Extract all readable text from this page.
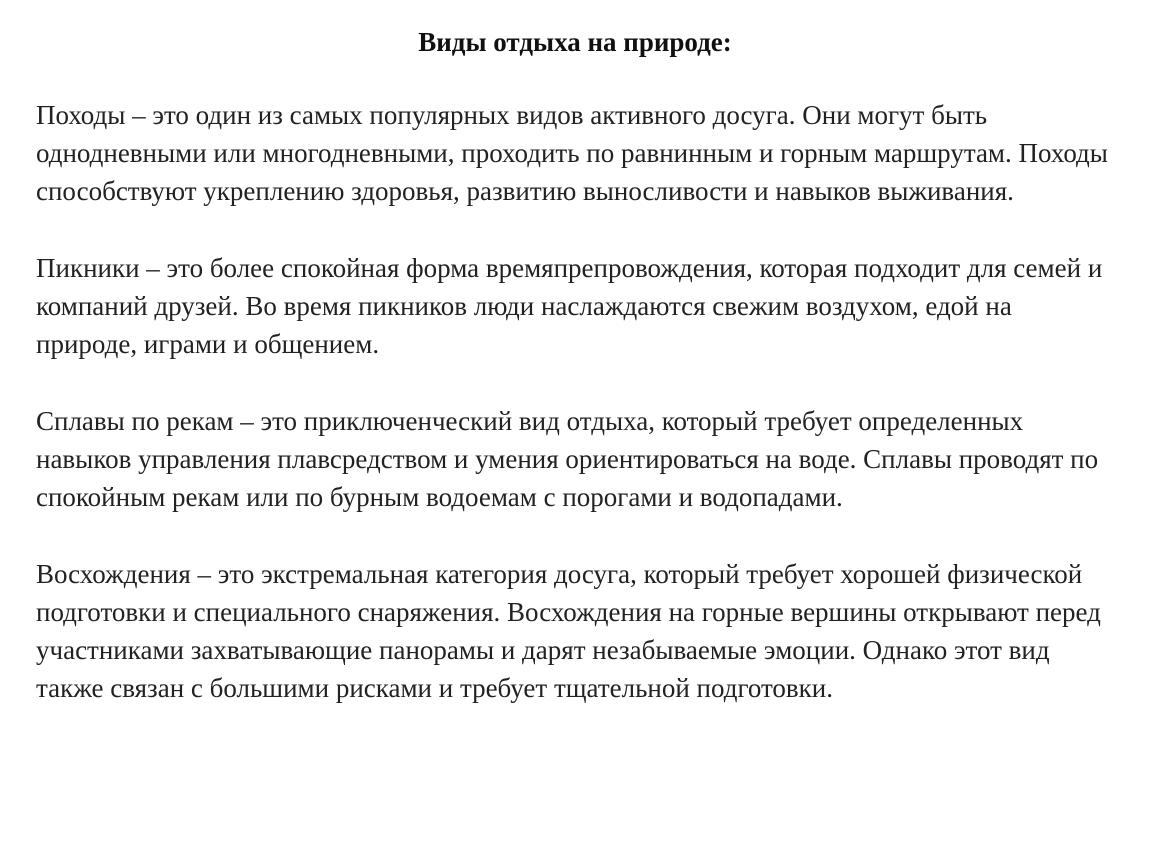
Виды отдыха на природе:

Походы – это один из самых популярных видов активного досуга. Они могут быть однодневными или многодневными, проходить по равнинным и горным маршрутам. Походы способствуют укреплению здоровья, развитию выносливости и навыков выживания.

Пикники – это более спокойная форма времяпрепровождения, которая подходит для семей и компаний друзей. Во время пикников люди наслаждаются свежим воздухом, едой на природе, играми и общением.

Сплавы по рекам – это приключенческий вид отдыха, который требует определенных навыков управления плавсредством и умения ориентироваться на воде. Сплавы проводят по спокойным рекам или по бурным водоемам с порогами и водопадами.

Восхождения – это экстремальная категория досуга, который требует хорошей физической подготовки и специального снаряжения. Восхождения на горные вершины открывают перед участниками захватывающие панорамы и дарят незабываемые эмоции. Однако этот вид также связан с большими рисками и требует тщательной подготовки.
